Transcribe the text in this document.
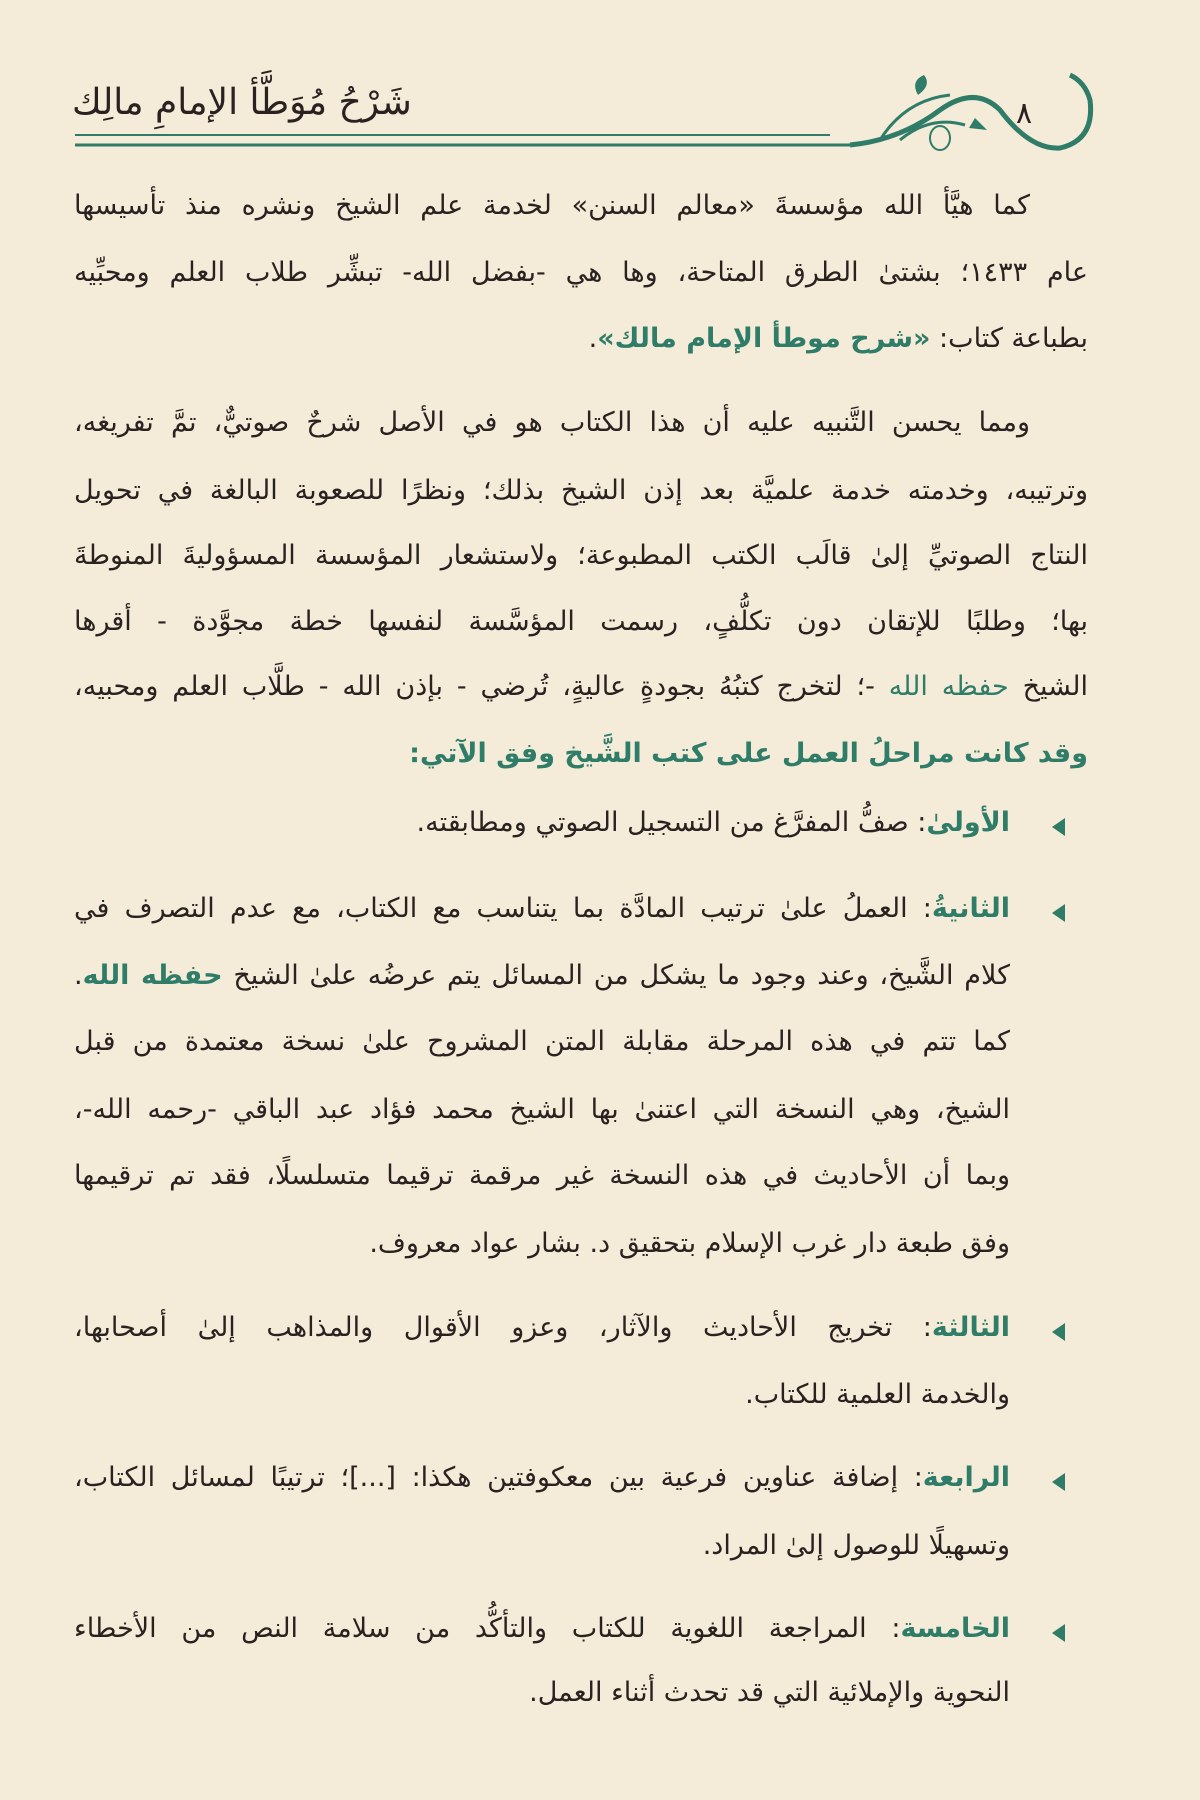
شَرْحُ مُوَطَّأ الإمامِ مالِك	٨
كما هيَّأ الله مؤسسةَ «معالم السنن» لخدمة علم الشيخ ونشره منذ تأسيسها
عام ١٤٣٣؛ بشتىٰ الطرق المتاحة، وها هي -بفضل الله- تبشِّر طلاب العلم ومحبِّيه
بطباعة كتاب: «شرح موطأ الإمام مالك».
ومما يحسن التَّنبيه عليه أن هذا الكتاب هو في الأصل شرحٌ صوتيٌّ، تمَّ تفريغه،
وترتيبه، وخدمته خدمة علميَّة بعد إذن الشيخ بذلك؛ ونظرًا للصعوبة البالغة في تحويل
النتاج الصوتيِّ إلىٰ قالَب الكتب المطبوعة؛ ولاستشعار المؤسسة المسؤوليةَ المنوطةَ
بها؛ وطلبًا للإتقان دون تكلُّفٍ، رسمت المؤسَّسة لنفسها خطة مجوَّدة - أقرها
الشيخ حفظه الله -؛ لتخرج كتبُهُ بجودةٍ عاليةٍ، تُرضي - بإذن الله - طلَّاب العلم ومحبيه،
وقد كانت مراحلُ العمل على كتب الشَّيخ وفق الآتي:
الأولىٰ: صفُّ المفرَّغ من التسجيل الصوتي ومطابقته.
الثانيةُ: العملُ علىٰ ترتيب المادَّة بما يتناسب مع الكتاب، مع عدم التصرف في
كلام الشَّيخ، وعند وجود ما يشكل من المسائل يتم عرضُه علىٰ الشيخ حفظه الله.
كما تتم في هذه المرحلة مقابلة المتن المشروح علىٰ نسخة معتمدة من قبل
الشيخ، وهي النسخة التي اعتنىٰ بها الشيخ محمد فؤاد عبد الباقي -رحمه الله-،
وبما أن الأحاديث في هذه النسخة غير مرقمة ترقيما متسلسلًا، فقد تم ترقيمها
وفق طبعة دار غرب الإسلام بتحقيق د. بشار عواد معروف.
الثالثة: تخريج الأحاديث والآثار، وعزو الأقوال والمذاهب إلىٰ أصحابها،
والخدمة العلمية للكتاب.
الرابعة: إضافة عناوين فرعية بين معكوفتين هكذا: [...]؛ ترتيبًا لمسائل الكتاب،
وتسهيلًا للوصول إلىٰ المراد.
الخامسة: المراجعة اللغوية للكتاب والتأكُّد من سلامة النص من الأخطاء
النحوية والإملائية التي قد تحدث أثناء العمل.
